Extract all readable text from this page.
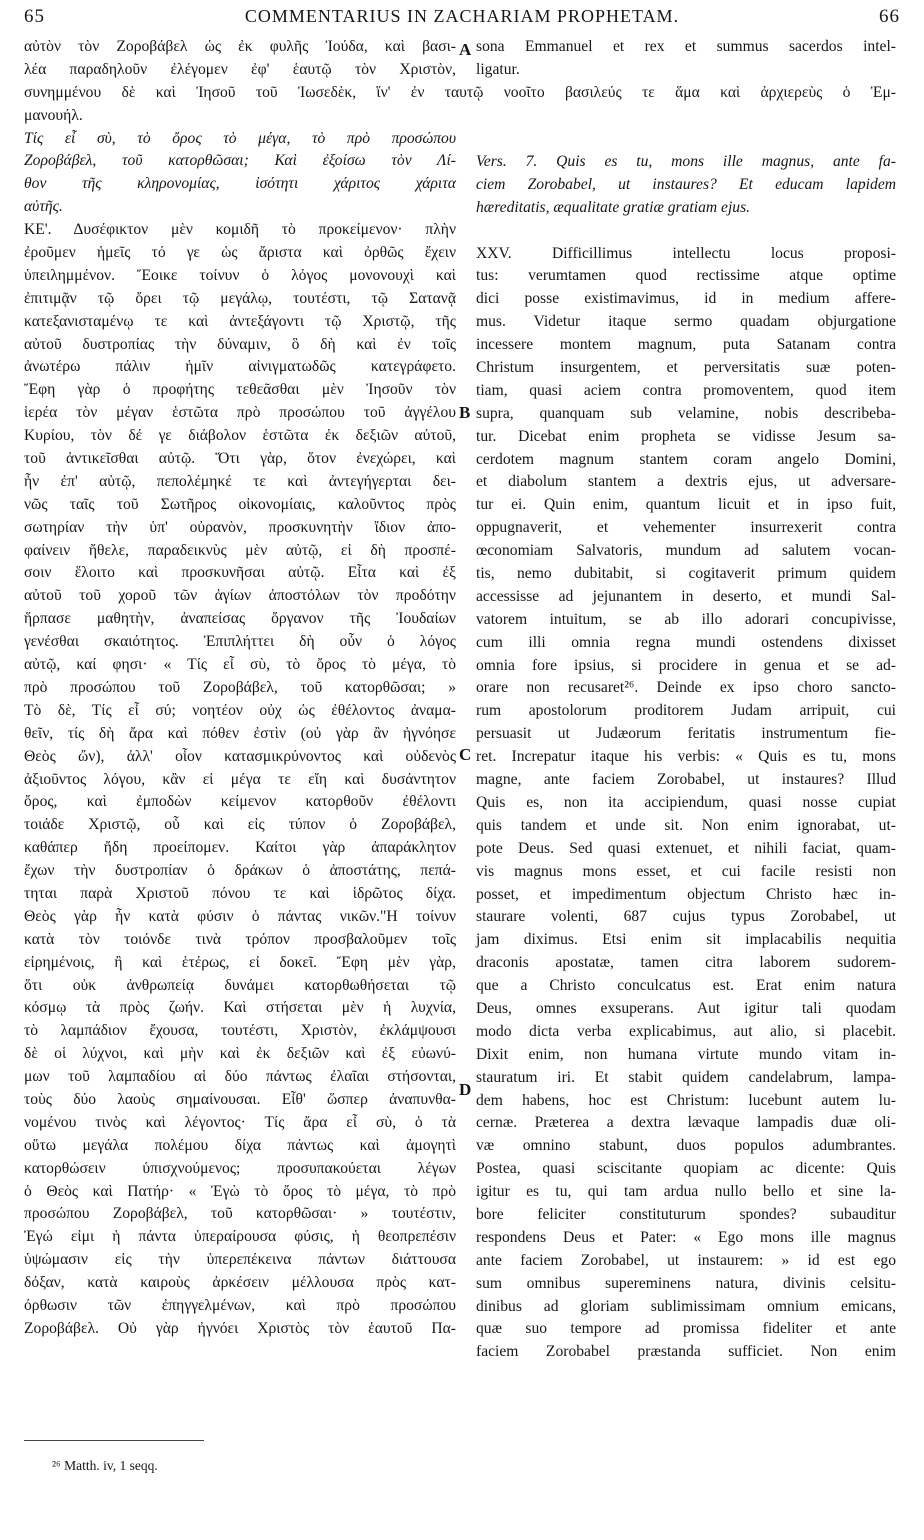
65	COMMENTARIUS IN ZACHARIAM PROPHETAM.	66
αὐτὸν τὸν Ζοροβάβελ ὡς ἐκ φυλῆς Ἰούδα, καὶ βασι-
λέα παραδηλοῦν ἐλέγομεν ἐφ' ἑαυτῷ τὸν Χριστὸν,
μανουήλ.
Τίς εἶ σὺ, τὸ ὄρος τὸ μέγα, τὸ πρὸ προσώπου
Ζοροβάβελ, τοῦ κατορθῶσαι; Καὶ ἐξοίσω τὸν Λί-
θον τῆς κληρονομίας, ἰσότητι χάριτος χάριτα
αὐτῆς.
ΚΕ'. Δυσέφικτον μὲν κομιδῆ τὸ προκείμενον· πλὴν
ἐροῦμεν ἡμεῖς τό γε ὡς ἄριστα καὶ ὀρθῶς ἔχειν
ὑπειλημμένον. Ἔοικε τοίνυν ὁ λόγος μονονουχὶ καὶ
ἐπιτιμᾷν τῷ ὄρει τῷ μεγάλῳ, τουτέστι, τῷ Σατανᾷ
κατεξανισταμένῳ τε καὶ ἀντεξάγοντι τῷ Χριστῷ, τῆς
αὐτοῦ δυστροπίας τὴν δύναμιν, ὃ δὴ καὶ ἐν τοῖς
ἀνωτέρω πάλιν ἡμῖν αἰνιγματωδῶς κατεγράφετο.
Ἔφη γὰρ ὁ προφήτης τεθεᾶσθαι μὲν Ἰησοῦν τὸν
ἱερέα τὸν μέγαν ἑστῶτα πρὸ προσώπου τοῦ ἀγγέλου
Κυρίου, τὸν δέ γε διάβολον ἑστῶτα ἐκ δεξιῶν αὐτοῦ,
τοῦ ἀντικεῖσθαι αὐτῷ. Ὅτι γὰρ, ὅτον ἐνεχώρει, καὶ
ἦν ἐπ' αὐτῷ, πεπολέμηκέ τε καὶ ἀντεγήγερται δει-
νῶς ταῖς τοῦ Σωτῆρος οἰκονομίαις, καλοῦντος πρὸς
σωτηρίαν τὴν ὑπ' οὐρανὸν, προσκυνητὴν ἴδιον ἀπο-
φαίνειν ἤθελε, παραδεικνὺς μὲν αὐτῷ, εἰ δὴ προσπέ-
σοιν ἕλοιτο καὶ προσκυνῆσαι αὐτῷ. Εἶτα καὶ ἐξ
αὐτοῦ τοῦ χοροῦ τῶν ἁγίων ἀποστόλων τὸν προδότην
ἥρπασε μαθητὴν, ἀναπείσας ὄργανον τῆς Ἰουδαίων
γενέσθαι σκαιότητος. Ἐπιπλήττει δὴ οὖν ὁ λόγος
αὐτῷ, καί φησι· « Τίς εἶ σὺ, τὸ ὄρος τὸ μέγα, τὸ
πρὸ προσώπου τοῦ Ζοροβάβελ, τοῦ κατορθῶσαι; »
Τὸ δὲ, Τίς εἶ σύ; νοητέον οὐχ ὡς ἐθέλοντος ἀναμα-
θεῖν, τίς δὴ ἄρα καὶ πόθεν ἐστὶν (οὐ γὰρ ἂν ἠγνόησε
Θεὸς ὤν), ἀλλ' οἷον κατασμικρύνοντος καὶ οὐδενὸς
ἀξιοῦντος λόγου, κἂν εἰ μέγα τε εἴη καὶ δυσάντητον
ὄρος, καὶ ἐμποδὼν κείμενον κατορθοῦν ἐθέλοντι
τοιάδε Χριστῷ, οὗ καὶ εἰς τύπον ὁ Ζοροβάβελ,
καθάπερ ἤδη προείπομεν. Καίτοι γὰρ ἀπαράκλητον
ἔχων τὴν δυστροπίαν ὁ δράκων ὁ ἀποστάτης, πεπά-
τηται παρὰ Χριστοῦ πόνου τε καὶ ἱδρῶτος δίχα.
Θεὸς γὰρ ἦν κατὰ φύσιν ὁ πάντας νικῶν."Η τοίνυν
κατὰ τὸν τοιόνδε τινὰ τρόπον προσβαλοῦμεν τοῖς
εἰρημένοις, ἢ καὶ ἑτέρως, εἰ δοκεῖ. Ἔφη μὲν γὰρ,
ὅτι οὐκ ἀνθρωπείᾳ δυνάμει κατορθωθήσεται τῷ
κόσμῳ τὰ πρὸς ζωήν. Καὶ στήσεται μὲν ἡ λυχνία,
τὸ λαμπάδιον ἔχουσα, τουτέστι, Χριστὸν, ἐκλάμψουσι
δὲ οἱ λύχνοι, καὶ μὴν καὶ ἐκ δεξιῶν καὶ ἐξ εὐωνύ-
μων τοῦ λαμπαδίου αἱ δύο πάντως ἐλαῖαι στήσονται,
τοὺς δύο λαοὺς σημαίνουσαι. Εἶθ' ὥσπερ ἀναπυνθα-
νομένου τινὸς καὶ λέγοντος· Τίς ἄρα εἶ σὺ, ὁ τὰ
οὕτω μεγάλα πολέμου δίχα πάντως καὶ ἀμογητὶ
κατορθώσειν ὑπισχνούμενος; προσυπακούεται λέγων
ὁ Θεὸς καὶ Πατήρ· « Ἐγὼ τὸ ὄρος τὸ μέγα, τὸ πρὸ
προσώπου Ζοροβάβελ, τοῦ κατορθῶσαι· » τουτέστιν,
Ἐγώ εἰμι ἡ πάντα ὑπεραίρουσα φύσις, ἡ θεοπρεπέσιν
ὑψώμασιν εἰς τὴν ὑπερεπέκεινα πάντων διάττουσα
δόξαν, κατὰ καιροὺς ἀρκέσειν μέλλουσα πρὸς κατ-
όρθωσιν τῶν ἐπηγγελμένων, καὶ πρὸ προσώπου
Ζοροβάβελ. Οὐ γὰρ ἠγνόει Χριστὸς τὸν ἑαυτοῦ Πα-
συνημμένου δὲ καὶ Ἰησοῦ τοῦ Ἰωσεδὲκ, ἵν' ἐν ταυτῷ νοοῖτο βασιλεύς τε ἅμα καὶ ἀρχιερεὺς ὁ Ἐμ-
sona Emmanuel et rex et summus sacerdos intel-
ligatur.
Vers. 7. Quis es tu, mons ille magnus, ante fa-
ciem Zorobabel, ut instaures? Et educam lapidem
hæreditatis, æqualitate gratiæ gratiam ejus.
XXV. Difficillimus intellectu locus proposi-
tus: verumtamen quod rectissime atque optime
dici posse existimavimus, id in medium affere-
mus. Videtur itaque sermo quadam objurgatione
incessere montem magnum, puta Satanam contra
Christum insurgentem, et perversitatis suæ poten-
tiam, quasi aciem contra promoventem, quod item
supra, quanquam sub velamine, nobis describeba-
tur. Dicebat enim propheta se vidisse Jesum sa-
cerdotem magnum stantem coram angelo Domini,
et diabolum stantem a dextris ejus, ut adversare-
tur ei. Quin enim, quantum licuit et in ipso fuit,
oppugnaverit, et vehementer insurrexerit contra
œconomiam Salvatoris, mundum ad salutem vocan-
tis, nemo dubitabit, si cogitaverit primum quidem
accessisse ad jejunantem in deserto, et mundi Sal-
vatorem intuitum, se ab illo adorari concupivisse,
cum illi omnia regna mundi ostendens dixisset
omnia fore ipsius, si procidere in genua et se ad-
orare non recusaret²⁶. Deinde ex ipso choro sancto-
rum apostolorum proditorem Judam arripuit, cui
persuasit ut Judæorum feritatis instrumentum fie-
ret. Increpatur itaque his verbis: « Quis es tu, mons
magne, ante faciem Zorobabel, ut instaures? Illud
Quis es, non ita accipiendum, quasi nosse cupiat
quis tandem et unde sit. Non enim ignorabat, ut-
pote Deus. Sed quasi extenuet, et nihili faciat, quam-
vis magnus mons esset, et cui facile resisti non
posset, et impedimentum objectum Christo hæc in-
staurare volenti, 687 cujus typus Zorobabel, ut
jam diximus. Etsi enim sit implacabilis nequitia
draconis apostatæ, tamen citra laborem sudorem-
que a Christo conculcatus est. Erat enim natura
Deus, omnes exsuperans. Aut igitur tali quodam
modo dicta verba explicabimus, aut alio, si placebit.
Dixit enim, non humana virtute mundo vitam in-
stauratum iri. Et stabit quidem candelabrum, lampa-
dem habens, hoc est Christum: lucebunt autem lu-
cernæ. Præterea a dextra lævaque lampadis duæ oli-
væ omnino stabunt, duos populos adumbrantes.
Postea, quasi sciscitante quopiam ac dicente: Quis
igitur es tu, qui tam ardua nullo bello et sine la-
bore feliciter constituturum spondes? subauditur
respondens Deus et Pater: « Ego mons ille magnus
ante faciem Zorobabel, ut instaurem: » id est ego
sum omnibus supereminens natura, divinis celsitu-
dinibus ad gloriam sublimissimam omnium emicans,
quæ suo tempore ad promissa fideliter et ante
faciem Zorobabel præstanda sufficiet. Non enim
A
B
C
D
²⁶ Matth. iv, 1 seqq.
